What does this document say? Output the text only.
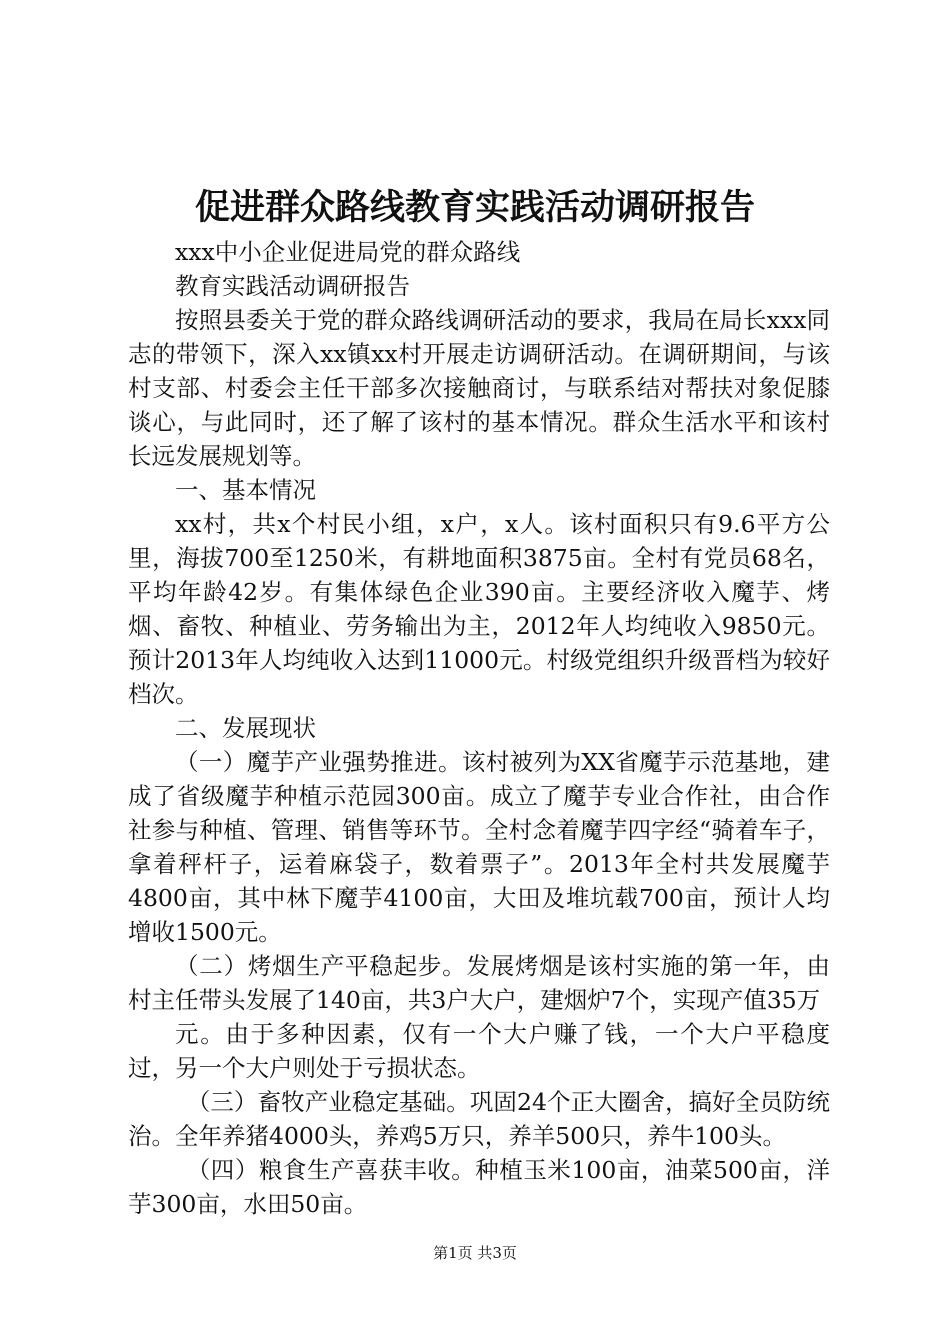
促进群众路线教育实践活动调研报告

xxx中小企业促进局党的群众路线

教育实践活动调研报告

按照县委关于党的群众路线调研活动的要求，我局在局长xxx同志的带领下，深入xx镇xx村开展走访调研活动。在调研期间，与该村支部、村委会主任干部多次接触商讨，与联系结对帮扶对象促膝谈心，与此同时，还了解了该村的基本情况。群众生活水平和该村长远发展规划等。

一、基本情况

xx村，共x个村民小组，x户，x人。该村面积只有9.6平方公里，海拔700至1250米，有耕地面积3875亩。全村有党员68名，平均年龄42岁。有集体绿色企业390亩。主要经济收入魔芋、烤烟、畜牧、种植业、劳务输出为主，2012年人均纯收入9850元。预计2013年人均纯收入达到11000元。村级党组织升级晋档为较好档次。

二、发展现状

（一）魔芋产业强势推进。该村被列为XX省魔芋示范基地，建成了省级魔芋种植示范园300亩。成立了魔芋专业合作社，由合作社参与种植、管理、销售等环节。全村念着魔芋四字经“骑着车子，拿着秤杆子，运着麻袋子，数着票子”。2013年全村共发展魔芋4800亩，其中林下魔芋4100亩，大田及堆坑载700亩，预计人均增收1500元。

（二）烤烟生产平稳起步。发展烤烟是该村实施的第一年，由村主任带头发展了140亩，共3户大户，建烟炉7个，实现产值35万

元。由于多种因素，仅有一个大户赚了钱，一个大户平稳度过，另一个大户则处于亏损状态。

（三）畜牧产业稳定基础。巩固24个正大圈舍，搞好全员防统治。全年养猪4000头，养鸡5万只，养羊500只，养牛100头。

（四）粮食生产喜获丰收。种植玉米100亩，油菜500亩，洋芋300亩，水田50亩。

第1页 共3页
